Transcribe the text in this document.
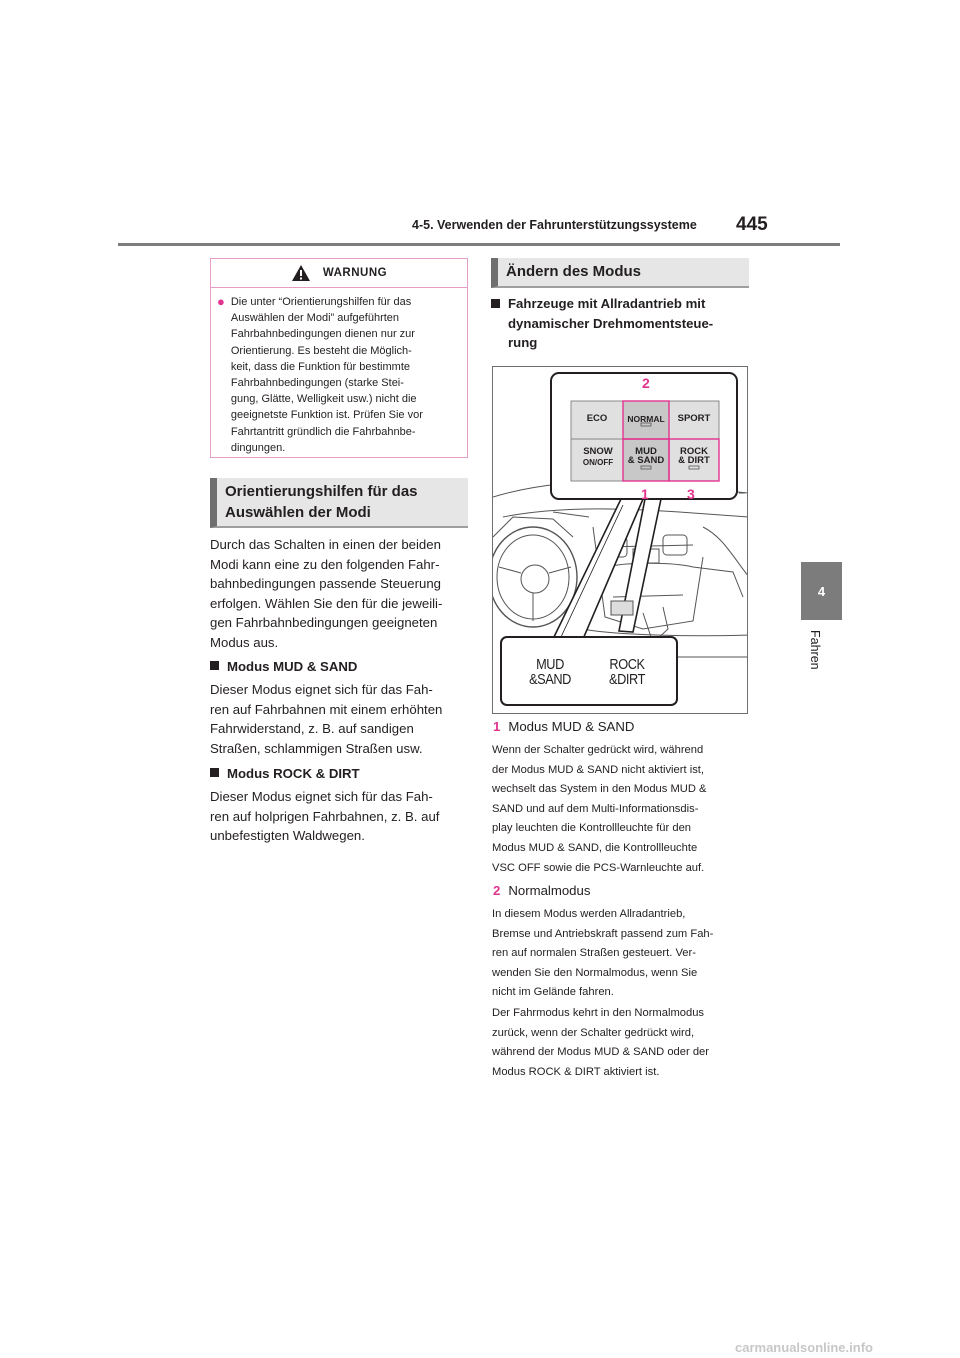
4-5. Verwenden der Fahrunterstützungssysteme 445
4
Fahren
WARNUNG
● Die unter “Orientierungshilfen für das
Auswählen der Modi” aufgeführten
Fahrbahnbedingungen dienen nur zur
Orientierung. Es besteht die Möglich-
keit, dass die Funktion für bestimmte
Fahrbahnbedingungen (starke Stei-
gung, Glätte, Welligkeit usw.) nicht die
geeignetste Funktion ist. Prüfen Sie vor
Fahrtantritt gründlich die Fahrbahnbe-
dingungen.
Orientierungshilfen für das
Auswählen der Modi
Durch das Schalten in einen der beiden
Modi kann eine zu den folgenden Fahr-
bahnbedingungen passende Steuerung
erfolgen. Wählen Sie den für die jeweili-
gen Fahrbahnbedingungen geeigneten
Modus aus.
Modus MUD & SAND
Dieser Modus eignet sich für das Fah-
ren auf Fahrbahnen mit einem erhöhten
Fahrwiderstand, z. B. auf sandigen
Straßen, schlammigen Straßen usw.
Modus ROCK & DIRT
Dieser Modus eignet sich für das Fah-
ren auf holprigen Fahrbahnen, z. B. auf
unbefestigten Waldwegen.
Ändern des Modus
Fahrzeuge mit Allradantrieb mit
dynamischer Drehmomentsteue-
rung
ECO	NORMAL	SPORT
SNOW
ON/OFF
MUD
& SAND
ROCK
& DIRT
2
1	3
MUD
&SAND
ROCK
&DIRT
1 Modus MUD & SAND
Wenn der Schalter gedrückt wird, während
der Modus MUD & SAND nicht aktiviert ist,
wechselt das System in den Modus MUD &
SAND und auf dem Multi-Informationsdis-
play leuchten die Kontrollleuchte für den
Modus MUD & SAND, die Kontrollleuchte
VSC OFF sowie die PCS-Warnleuchte auf.
2 Normalmodus
In diesem Modus werden Allradantrieb,
Bremse und Antriebskraft passend zum Fah-
ren auf normalen Straßen gesteuert. Ver-
wenden Sie den Normalmodus, wenn Sie
nicht im Gelände fahren.
Der Fahrmodus kehrt in den Normalmodus
zurück, wenn der Schalter gedrückt wird,
während der Modus MUD & SAND oder der
Modus ROCK & DIRT aktiviert ist.
carmanualsonline.info
